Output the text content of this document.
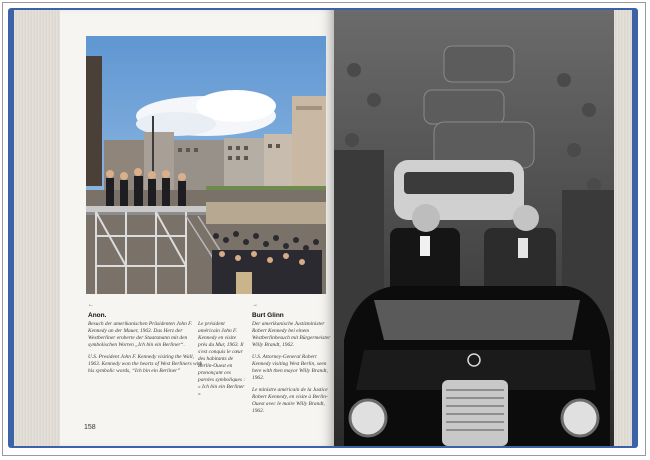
←	→
Anon.

Besuch der amerikanischen Präsidenten John F. Kennedy an der Mauer, 1963. Das Herz der Westberliner eroberte der Staatsmann mit den symbolischen Worten „Ich bin ein Berliner“.

U.S. President John F. Kennedy visiting the Wall, 1963. Kennedy won the hearts of West Berliners with his symbolic words, “Ich bin ein Berliner”

Le président américain John F. Kennedy en visite près du Mur, 1963. Il s'est conquis le cœur des habitants de Berlin-Ouest en prononçant ces paroles symboliques : « Ich bin ein Berliner »

Burt Glinn

Der amerikanische Justizminister Robert Kennedy bei einem Westberlinbesuch mit Bürgermeister Willy Brandt, 1962.

U.S. Attorney-General Robert Kennedy visiting West Berlin, seen here with then mayor Willy Brandt, 1962.

Le ministre américain de la Justice Robert Kennedy, en visite à Berlin-Ouest avec le maire Willy Brandt, 1962.

158
